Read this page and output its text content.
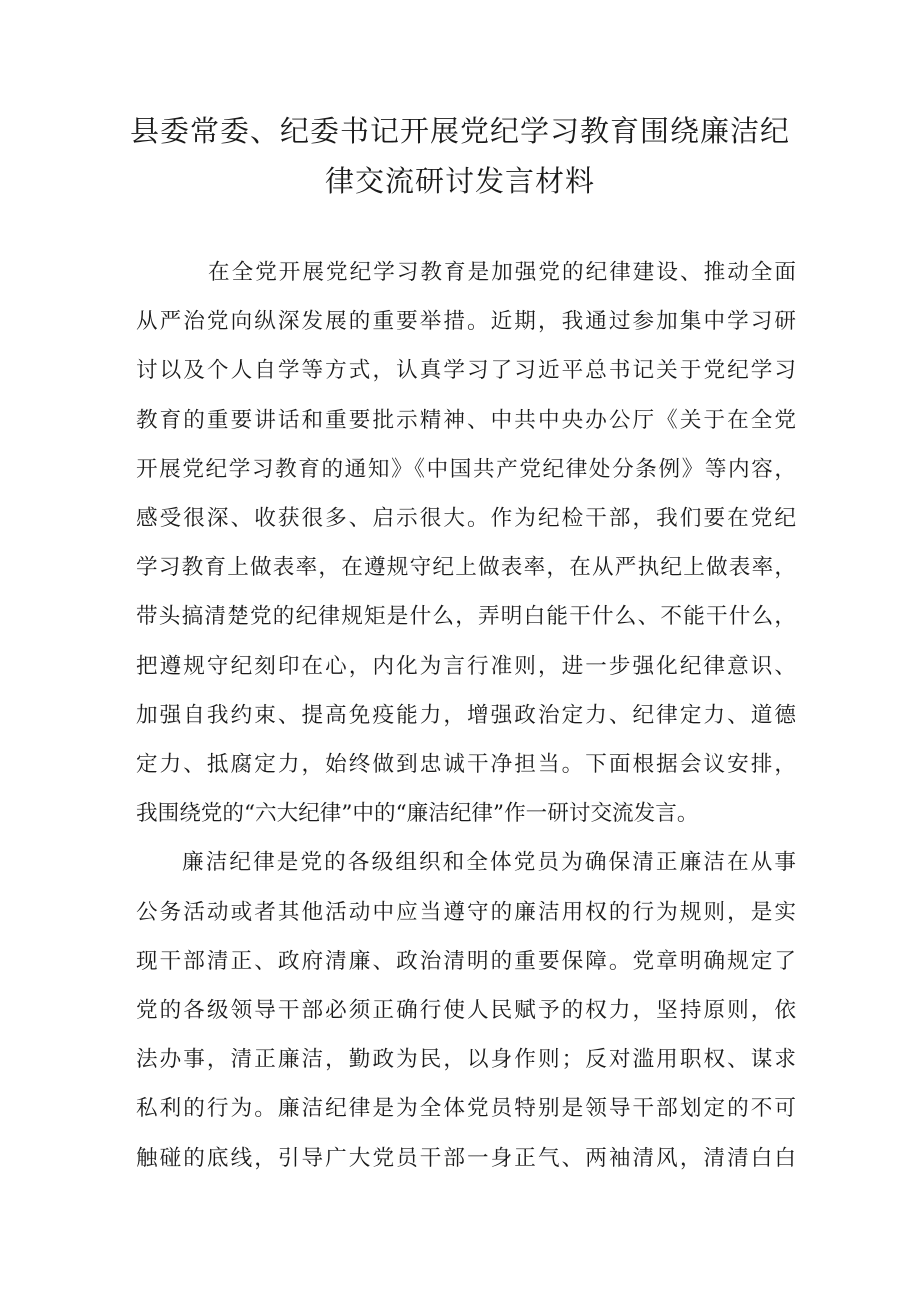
县委常委、纪委书记开展党纪学习教育围绕廉洁纪
律交流研讨发言材料
在全党开展党纪学习教育是加强党的纪律建设、推动全面
从严治党向纵深发展的重要举措。近期，我通过参加集中学习研
讨以及个人自学等方式，认真学习了习近平总书记关于党纪学习
教育的重要讲话和重要批示精神、中共中央办公厅《关于在全党
开展党纪学习教育的通知》《中国共产党纪律处分条例》等内容，
感受很深、收获很多、启示很大。作为纪检干部，我们要在党纪
学习教育上做表率，在遵规守纪上做表率，在从严执纪上做表率，
带头搞清楚党的纪律规矩是什么，弄明白能干什么、不能干什么，
把遵规守纪刻印在心，内化为言行准则，进一步强化纪律意识、
加强自我约束、提高免疫能力，增强政治定力、纪律定力、道德
定力、抵腐定力，始终做到忠诚干净担当。下面根据会议安排，
我围绕党的“六大纪律”中的“廉洁纪律”作一研讨交流发言。
廉洁纪律是党的各级组织和全体党员为确保清正廉洁在从事
公务活动或者其他活动中应当遵守的廉洁用权的行为规则，是实
现干部清正、政府清廉、政治清明的重要保障。党章明确规定了
党的各级领导干部必须正确行使人民赋予的权力，坚持原则，依
法办事，清正廉洁，勤政为民，以身作则；反对滥用职权、谋求
私利的行为。廉洁纪律是为全体党员特别是领导干部划定的不可
触碰的底线，引导广大党员干部一身正气、两袖清风，清清白白
